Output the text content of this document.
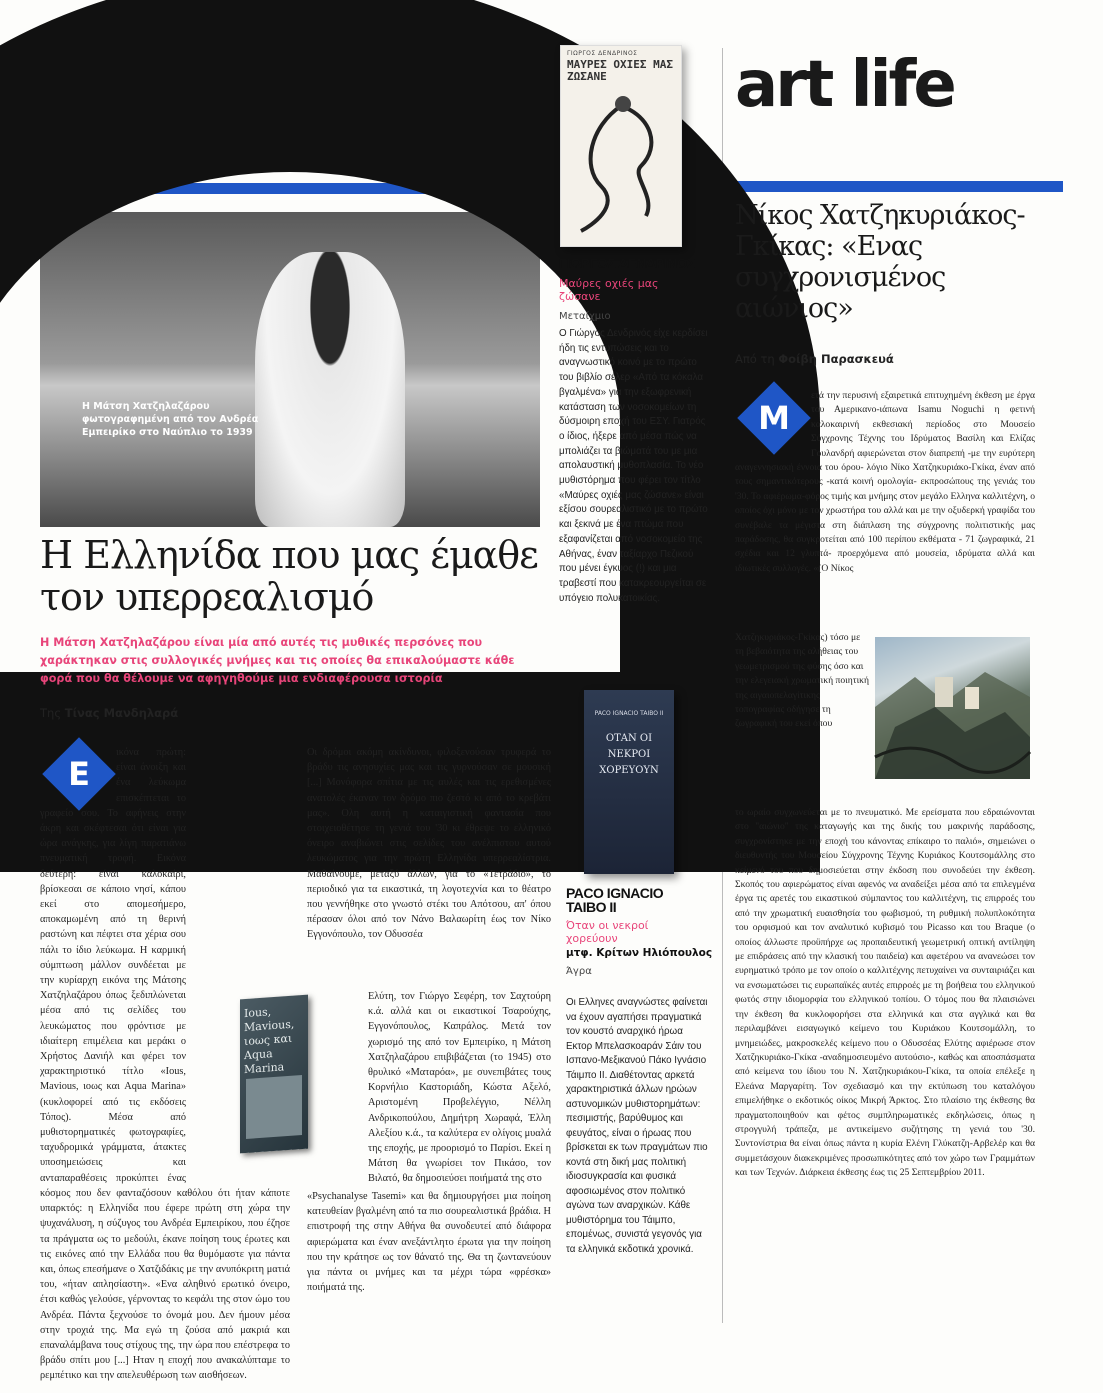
24 ● Πρώτο Θέμα | Κυριακή 4 Σεπτεμβρίου 2011
βιβλίο	art life
Η Μάτση Χατζηλαζάρου φωτογραφημένη από τον Ανδρέα Εμπειρίκο στο Ναύπλιο το 1939
Η Ελληνίδα που μας έμαθε τον υπερρεαλισμό
Η Μάτση Χατζηλαζάρου είναι μία από αυτές τις μυθικές περσόνες που χαράκτηκαν στις συλλογικές μνήμες και τις οποίες θα επικαλούμαστε κάθε φορά που θα θέλουμε να αφηγηθούμε μια ενδιαφέρουσα ιστορία
Της Τίνας Μανδηλαρά
Ε
ικόνα πρώτη: είναι άνοιξη και ένα λεύκωμα επισκέπτεται το γραφείο σου. Το αφήνεις στην άκρη και σκέφτεσαι ότι είναι για ώρα ανάγκης, για λίγη παρατιάνω πνευματική τροφή. Εικόνα δεύτερη: είναι καλοκαίρι, βρίσκεσαι σε κάποιο νησί, κάπου εκεί στο απομεσήμερο, αποκαμωμένη από τη θερινή ραστώνη και πέφτει στα χέρια σου πάλι το ίδιο λεύκωμα. Η καρμική σύμπτωση μάλλον συνδέεται με την κυρίαρχη εικόνα της Μάτσης Χατζηλαζάρου όπως ξεδιπλώνεται μέσα από τις σελίδες του λευκώματος που φρόντισε με ιδιαίτερη επιμέλεια και μεράκι ο Χρήστος Δανιήλ και φέρει τον χαρακτηριστικό τίτλο «Ious, Mavious, ιοως και Aqua Marina» (κυκλοφορεί από τις εκδόσεις Τόπος). Μέσα από μυθιστορηματικές φωτογραφίες, ταχυδρομικά γράμματα, άτακτες υποσημειώσεις και ανταπαραθέσεις προκύπτει ένας κόσμος που δεν φανταζόσουν καθόλου ότι ήταν κάποτε υπαρκτός: η Ελληνίδα που έφερε πρώτη στη χώρα την ψυχανάλυση, η σύζυγος του Ανδρέα Εμπειρίκου, που έζησε τα πράγματα ως το μεδούλι, έκανε ποίηση τους έρωτες και τις εικόνες από την Ελλάδα που θα θυμόμαστε για πάντα και, όπως επεσήμανε ο Χατζιδάκις με την ανυπόκριτη ματιά του, «ήταν απλησίαστη». «Ενα αληθινό ερωτικό όνειρο, έτσι καθώς γελούσε, γέρνοντας το κεφάλι της στον ώμο του Ανδρέα. Πάντα ξεχνούσε το όνομά μου. Δεν ήμουν μέσα στην τροχιά της. Μα εγώ τη ζούσα από μακριά και επαναλάμβανα τους στίχους της, την ώρα που επέστρεφα το βράδυ σπίτι μου [...] Ηταν η εποχή που ανακαλύπταμε το ρεμπέτικο και την απελευθέρωση των αισθήσεων.
Ious, Mavious, ιοως και Aqua Marina
Οι δρόμοι ακόμη ακίνδυνοι, φιλοξενούσαν τρυφερά το βράδυ τις ανησυχίες μας και τις γυρνούσαν σε μουσική [...] Μονόφορα σπίτια με τις αυλές και τις ερεθισμένες ανατολές έκαναν τον δρόμο πιο ζεστό κι από το κρεβάτι μας». Ολη αυτή η καταιγιστική φαντασία που στοιχειοθέτησε τη γενιά του '30 κι έθρεψε το ελληνικό όνειρο αναβιώνει στις σελίδες του ανέλπιστου αυτού λευκώματος για την πρώτη Ελληνίδα υπερρεαλίστρια. Μαθαίνουμε, μεταξύ άλλων, για το «Τετράδιο», το περιοδικό για τα εικαστικά, τη λογοτεχνία και το θέατρο που γεννήθηκε στο γνωστό στέκι του Απότσου, απ' όπου πέρασαν όλοι από τον Νάνο Βαλαωρίτη έως τον Νίκο Εγγονόπουλο, τον Οδυσσέα
Ελύτη, τον Γιώργο Σεφέρη, τον Σαχτούρη κ.ά. αλλά και οι εικαστικοί Τσαρούχης, Εγγονόπουλος, Καπράλος. Μετά τον χωρισμό της από τον Εμπειρίκο, η Μάτση Χατζηλαζάρου επιβιβάζεται (το 1945) στο θρυλικό «Ματαρόα», με συνεπιβάτες τους Κορνήλιο Καστοριάδη, Κώστα Αξελό, Αριστομένη Προβελέγγιο, Νέλλη Ανδρικοπούλου, Δημήτρη Χωραφά, Έλλη Αλεξίου κ.ά., τα καλύτερα εν ολίγοις μυαλά της εποχής, με προορισμό το Παρίσι. Εκεί η Μάτση θα γνωρίσει τον Πικάσο, τον Βιλατό, θα δημοσιεύσει ποιήματά της στο
«Psychanalyse Tasemi» και θα δημιουργήσει μια ποίηση κατευθείαν βγαλμένη από τα πιο σουρεαλιστικά βράδια. Η επιστροφή της στην Αθήνα θα συνοδευτεί από διάφορα αφιερώματα και έναν ανεξάντλητο έρωτα για την ποίηση που την κράτησε ως τον θάνατό της. Θα τη ζωντανεύουν για πάντα οι μνήμες και τα μέχρι τώρα «φρέσκα» ποιήματά της.
ΓΙΩΡΓΟΣ ΔΕΝΔΡΙΝΟΣ
ΜΑΥΡΕΣ ΟΧΙΕΣ ΜΑΣ ΖΩΣΑΝΕ
ΓΙΩΡΓΟΣ ΔΕΝΔΡΙΝΟΣ
Μαύρες οχιές μας ζώσανε
Μεταίχμιο
Ο Γιώργος Δενδρινός είχε κερδίσει ήδη τις εντυπώσεις και το αναγνωστικό κοινό με το πρώτο του βιβλίο σέλερ «Από τα κόκαλα βγαλμένα» για την εξωφρενική κατάσταση των νοσοκομείων τη δύσμοιρη εποχή του ΕΣΥ. Γιατρός ο ίδιος, ήξερε από μέσα πώς να μπολιάζει τα βιώματά του με μια απολαυστική μυθοπλασία. Το νέο μυθιστόρημα που φέρει τον τίτλο «Μαύρες οχιές μας ζώσανε» είναι εξίσου σουρεαλιστικό με το πρώτο και ξεκινά με ένα πτώμα που εξαφανίζεται από νοσοκομείο της Αθήνας, έναν ταξίαρχο Πεζικού που μένει έγκυος (!) και μια τραβεστί που κατακρεουργείται σε υπόγειο πολυκατοικίας.
PACO IGNACIO TAIBO II
ΟΤΑΝ ΟΙ ΝΕΚΡΟΙ ΧΟΡΕΥΟΥΝ
PACO IGNACIO
TAIBO II
Όταν οι νεκροί χορεύουν
μτφ. Κρίτων Ηλιόπουλος
Άγρα
Οι Ελληνες αναγνώστες φαίνεται να έχουν αγαπήσει πραγματικά τον κουστό αναρχικό ήρωα Εκτορ Μπελασκοαράν Σάιν του Ισπανο-Μεξικανού Πάκο Ιγνάσιο Τάιμπο ΙΙ. Διαθέτοντας αρκετά χαρακτηριστικά άλλων ηρώων αστυνομικών μυθιστορημάτων: πεσιμιστής, βαρύθυμος και φευγάτος, είναι ο ήρωας που βρίσκεται εκ των πραγμάτων πιο κοντά στη δική μας πολιτική ιδιοσυγκρασία και φυσικά αφοσιωμένος στον πολιτικό αγώνα των αναρχικών. Κάθε μυθιστόρημα του Τάιμπο, επομένως, συνιστά γεγονός για τα ελληνικά εκδοτικά χρονικά.
Νίκος Χατζηκυριάκος-Γκίκας: «Ενας συγχρονισμένος αιώνιος»
Από τη Φοίβη Παρασκευά
Μ
ετά την περυσινή εξαιρετικά επιτυχημένη έκθεση με έργα του Αμερικανο-ιάπωνα Isamu Noguchi η φετινή καλοκαιρινή εκθεσιακή περίοδος στο Μουσείο Σύγχρονης Τέχνης του Ιδρύματος Βασίλη και Ελίζας Γουλανδρή αφιερώνεται στον διαπρεπή -με την ευρύτερη αναγεννησιακή έννοια του όρου- λόγιο Νίκο Χατζηκυριάκο-Γκίκα, έναν από τους σημαντικότερους -κατά κοινή ομολογία- εκπροσώπους της γενιάς του '30. Το αφιέρωμα-φόρος τιμής και μνήμης στον μεγάλο Ελληνα καλλιτέχνη, ο οποίος όχι μόνο με τον χρωστήρα του αλλά και με την οξυδερκή γραφίδα του συνέβαλε τα μέγιστα στη διάπλαση της σύγχρονης πολιτιστικής μας παράδοσης, θα συγκροτείται από 100 περίπου εκθέματα - 71 ζωγραφικά, 21 σχέδια και 12 γλυπτά- προερχόμενα από μουσεία, ιδρύματα αλλά και ιδιωτικές συλλογές. «(Ο Νίκος
Χατζηκυριάκος-Γκίκας) τόσο με τη βεβαιότητα της αλήθειας του γεωμετρισμού της φύσης όσο και την ελεγειακή χρωματική ποιητική της αιγαιοπελαγίτικης τοπογραφίας οδήγησε τη ζωγραφική του εκεί όπου
το ωραίο συγχωνεύεται με το πνευματικό. Με ερείσματα που εδραιώνονται στο "αιώνιο" της καταγωγής και της δικής του μακρινής παράδοσης, συγχρονίστηκε με την εποχή του κάνοντας επίκαιρο το παλιό», σημειώνει ο διευθυντής του Μουσείου Σύγχρονης Τέχνης Κυριάκος Κουτσομάλλης στο κείμενό του που δημοσιεύεται στην έκδοση που συνοδεύει την έκθεση. Σκοπός του αφιερώματος είναι αφενός να αναδείξει μέσα από τα επιλεγμένα έργα τις αρετές του εικαστικού σύμπαντος του καλλιτέχνη, τις επιρροές του από την χρωματική ευαισθησία του φωβισμού, τη ρυθμική πολυπλοκότητα του ορφισμού και τον αναλυτικό κυβισμό του Picasso και του Braque (ο οποίος άλλωστε προϋπήρχε ως προπαιδευτική γεωμετρική οπτική αντίληψη με επιδράσεις από την κλασική του παιδεία) και αφετέρου να ανανεώσει τον ευρηματικό τρόπο με τον οποίο ο καλλιτέχνης πετυχαίνει να συνταιριάζει και να ενσωματώσει τις ευρωπαϊκές αυτές επιρροές με τη βοήθεια του ελληνικού φωτός στην ιδιομορφία του ελληνικού τοπίου. Ο τόμος που θα πλαισιώνει την έκθεση θα κυκλοφορήσει στα ελληνικά και στα αγγλικά και θα περιλαμβάνει εισαγωγικό κείμενο του Κυριάκου Κουτσομάλλη, το μνημειώδες, μακροσκελές κείμενο που ο Οδυσσέας Ελύτης αφιέρωσε στον Χατζηκυριάκο-Γκίκα -αναδημοσιευμένο αυτούσιο-, καθώς και αποσπάσματα από κείμενα του ίδιου του Ν. Χατζηκυριάκου-Γκίκα, τα οποία επέλεξε η Ελεάνα Μαργαρίτη. Τον σχεδιασμό και την εκτύπωση του καταλόγου επιμελήθηκε ο εκδοτικός οίκος Μικρή Άρκτος. Στο πλαίσιο της έκθεσης θα πραγματοποιηθούν και φέτος συμπληρωματικές εκδηλώσεις, όπως η στρογγυλή τράπεζα, με αντικείμενο συζήτησης τη γενιά του '30. Συντονίστρια θα είναι όπως πάντα η κυρία Ελένη Γλύκατζη-Αρβελέρ και θα συμμετάσχουν διακεκριμένες προσωπικότητες από τον χώρο των Γραμμάτων και των Τεχνών. Διάρκεια έκθεσης έως τις 25 Σεπτεμβρίου 2011.
